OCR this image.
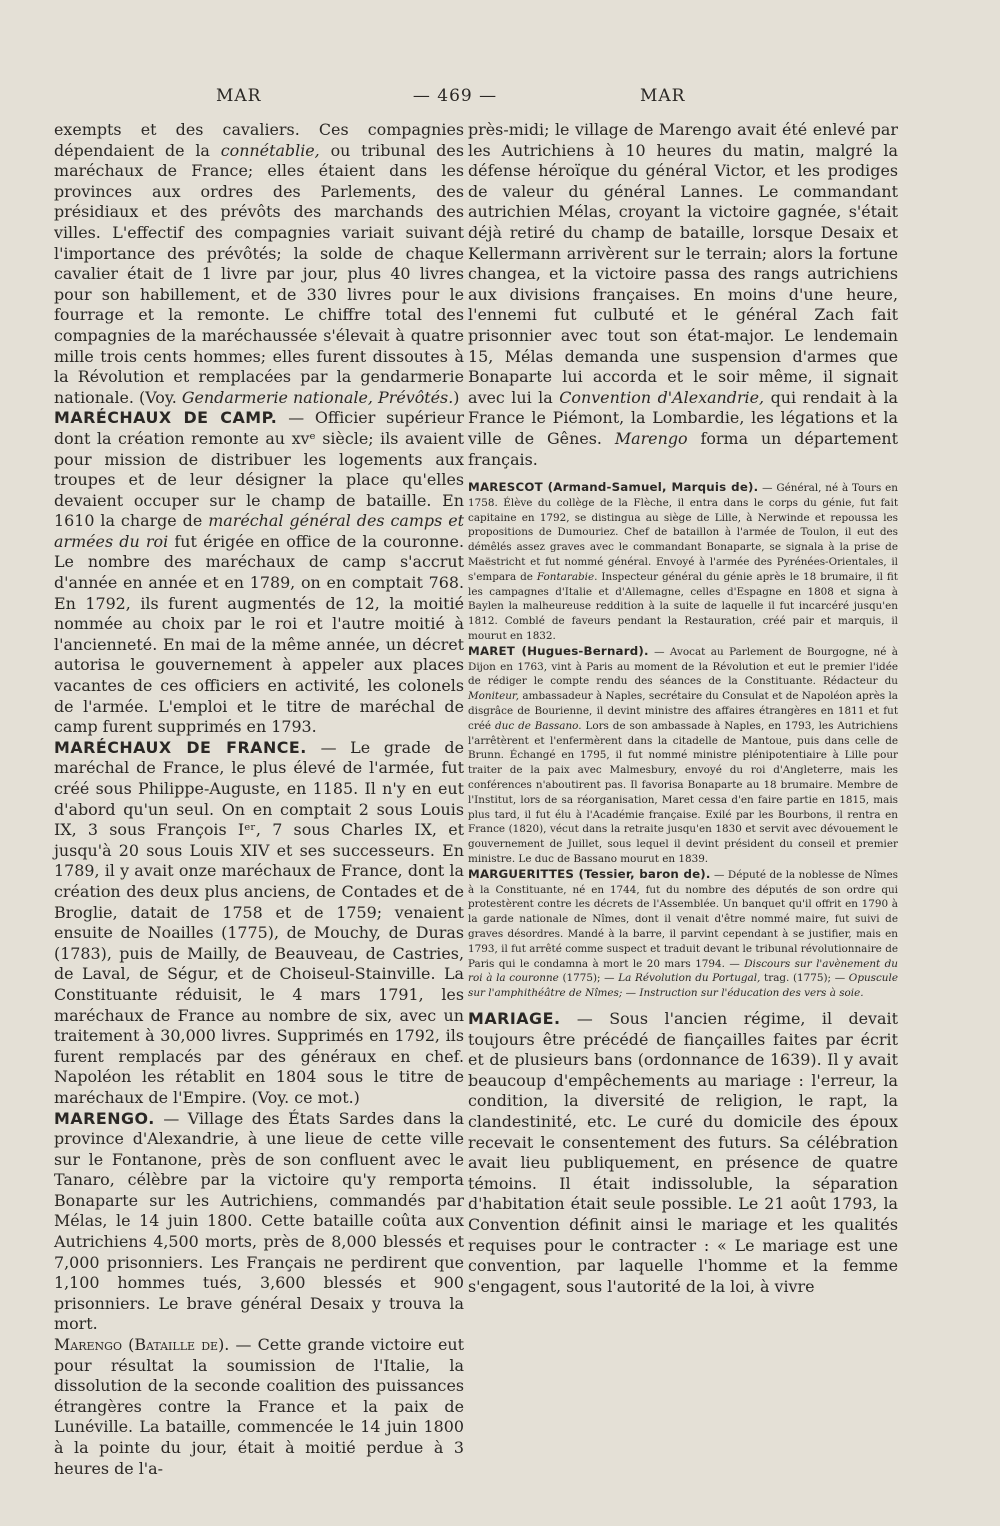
MAR	— 469 —	MAR

exempts et des cavaliers. Ces compagnies dépendaient de la connétablie, ou tribunal des maréchaux de France; elles étaient dans les provinces aux ordres des Parlements, des présidiaux et des prévôts des marchands des villes. L'effectif des compagnies variait suivant l'importance des prévôtés; la solde de chaque cavalier était de 1 livre par jour, plus 40 livres pour son habillement, et de 330 livres pour le fourrage et la remonte. Le chiffre total des compagnies de la maréchaussée s'élevait à quatre mille trois cents hommes; elles furent dissoutes à la Révolution et remplacées par la gendarmerie nationale. (Voy. Gendarmerie nationale, Prévôtés.)

MARÉCHAUX DE CAMP. — Officier supérieur dont la création remonte au xvᵉ siècle; ils avaient pour mission de distribuer les logements aux troupes et de leur désigner la place qu'elles devaient occuper sur le champ de bataille. En 1610 la charge de maréchal général des camps et armées du roi fut érigée en office de la couronne. Le nombre des maréchaux de camp s'accrut d'année en année et en 1789, on en comptait 768. En 1792, ils furent augmentés de 12, la moitié nommée au choix par le roi et l'autre moitié à l'ancienneté. En mai de la même année, un décret autorisa le gouvernement à appeler aux places vacantes de ces officiers en activité, les colonels de l'armée. L'emploi et le titre de maréchal de camp furent supprimés en 1793.

MARÉCHAUX DE FRANCE. — Le grade de maréchal de France, le plus élevé de l'armée, fut créé sous Philippe-Auguste, en 1185. Il n'y en eut d'abord qu'un seul. On en comptait 2 sous Louis IX, 3 sous François Iᵉʳ, 7 sous Charles IX, et jusqu'à 20 sous Louis XIV et ses successeurs. En 1789, il y avait onze maréchaux de France, dont la création des deux plus anciens, de Contades et de Broglie, datait de 1758 et de 1759; venaient ensuite de Noailles (1775), de Mouchy, de Duras (1783), puis de Mailly, de Beauveau, de Castries, de Laval, de Ségur, et de Choiseul-Stainville. La Constituante réduisit, le 4 mars 1791, les maréchaux de France au nombre de six, avec un traitement à 30,000 livres. Supprimés en 1792, ils furent remplacés par des généraux en chef. Napoléon les rétablit en 1804 sous le titre de maréchaux de l'Empire. (Voy. ce mot.)

MARENGO. — Village des États Sardes dans la province d'Alexandrie, à une lieue de cette ville sur le Fontanone, près de son confluent avec le Tanaro, célèbre par la victoire qu'y remporta Bonaparte sur les Autrichiens, commandés par Mélas, le 14 juin 1800. Cette bataille coûta aux Autrichiens 4,500 morts, près de 8,000 blessés et 7,000 prisonniers. Les Français ne perdirent que 1,100 hommes tués, 3,600 blessés et 900 prisonniers. Le brave général Desaix y trouva la mort.

Marengo (Bataille de). — Cette grande victoire eut pour résultat la soumission de l'Italie, la dissolution de la seconde coalition des puissances étrangères contre la France et la paix de Lunéville. La bataille, commencée le 14 juin 1800 à la pointe du jour, était à moitié perdue à 3 heures de l'a-

près-midi; le village de Marengo avait été enlevé par les Autrichiens à 10 heures du matin, malgré la défense héroïque du général Victor, et les prodiges de valeur du général Lannes. Le commandant autrichien Mélas, croyant la victoire gagnée, s'était déjà retiré du champ de bataille, lorsque Desaix et Kellermann arrivèrent sur le terrain; alors la fortune changea, et la victoire passa des rangs autrichiens aux divisions françaises. En moins d'une heure, l'ennemi fut culbuté et le général Zach fait prisonnier avec tout son état-major. Le lendemain 15, Mélas demanda une suspension d'armes que Bonaparte lui accorda et le soir même, il signait avec lui la Convention d'Alexandrie, qui rendait à la France le Piémont, la Lombardie, les légations et la ville de Gênes. Marengo forma un département français.

MARESCOT (Armand-Samuel, Marquis de). — Général, né à Tours en 1758. Élève du collège de la Flèche, il entra dans le corps du génie, fut fait capitaine en 1792, se distingua au siège de Lille, à Nerwinde et repoussa les propositions de Dumouriez. Chef de bataillon à l'armée de Toulon, il eut des démêlés assez graves avec le commandant Bonaparte, se signala à la prise de Maëstricht et fut nommé général. Envoyé à l'armée des Pyrénées-Orientales, il s'empara de Fontarabie. Inspecteur général du génie après le 18 brumaire, il fit les campagnes d'Italie et d'Allemagne, celles d'Espagne en 1808 et signa à Baylen la malheureuse reddition à la suite de laquelle il fut incarcéré jusqu'en 1812. Comblé de faveurs pendant la Restauration, créé pair et marquis, il mourut en 1832.

MARET (Hugues-Bernard). — Avocat au Parlement de Bourgogne, né à Dijon en 1763, vint à Paris au moment de la Révolution et eut le premier l'idée de rédiger le compte rendu des séances de la Constituante. Rédacteur du Moniteur, ambassadeur à Naples, secrétaire du Consulat et de Napoléon après la disgrâce de Bourienne, il devint ministre des affaires étrangères en 1811 et fut créé duc de Bassano. Lors de son ambassade à Naples, en 1793, les Autrichiens l'arrêtèrent et l'enfermèrent dans la citadelle de Mantoue, puis dans celle de Brunn. Échangé en 1795, il fut nommé ministre plénipotentiaire à Lille pour traiter de la paix avec Malmesbury, envoyé du roi d'Angleterre, mais les conférences n'aboutirent pas. Il favorisa Bonaparte au 18 brumaire. Membre de l'Institut, lors de sa réorganisation, Maret cessa d'en faire partie en 1815, mais plus tard, il fut élu à l'Académie française. Exilé par les Bourbons, il rentra en France (1820), vécut dans la retraite jusqu'en 1830 et servit avec dévouement le gouvernement de Juillet, sous lequel il devint président du conseil et premier ministre. Le duc de Bassano mourut en 1839.

MARGUERITTES (Tessier, baron de). — Député de la noblesse de Nîmes à la Constituante, né en 1744, fut du nombre des députés de son ordre qui protestèrent contre les décrets de l'Assemblée. Un banquet qu'il offrit en 1790 à la garde nationale de Nîmes, dont il venait d'être nommé maire, fut suivi de graves désordres. Mandé à la barre, il parvint cependant à se justifier, mais en 1793, il fut arrêté comme suspect et traduit devant le tribunal révolutionnaire de Paris qui le condamna à mort le 20 mars 1794. — Discours sur l'avènement du roi à la couronne (1775); — La Révolution du Portugal, trag. (1775); — Opuscule sur l'amphithéâtre de Nîmes; — Instruction sur l'éducation des vers à soie.

MARIAGE. — Sous l'ancien régime, il devait toujours être précédé de fiançailles faites par écrit et de plusieurs bans (ordonnance de 1639). Il y avait beaucoup d'empêchements au mariage : l'erreur, la condition, la diversité de religion, le rapt, la clandestinité, etc. Le curé du domicile des époux recevait le consentement des futurs. Sa célébration avait lieu publiquement, en présence de quatre témoins. Il était indissoluble, la séparation d'habitation était seule possible. Le 21 août 1793, la Convention définit ainsi le mariage et les qualités requises pour le contracter : « Le mariage est une convention, par laquelle l'homme et la femme s'engagent, sous l'autorité de la loi, à vivre
